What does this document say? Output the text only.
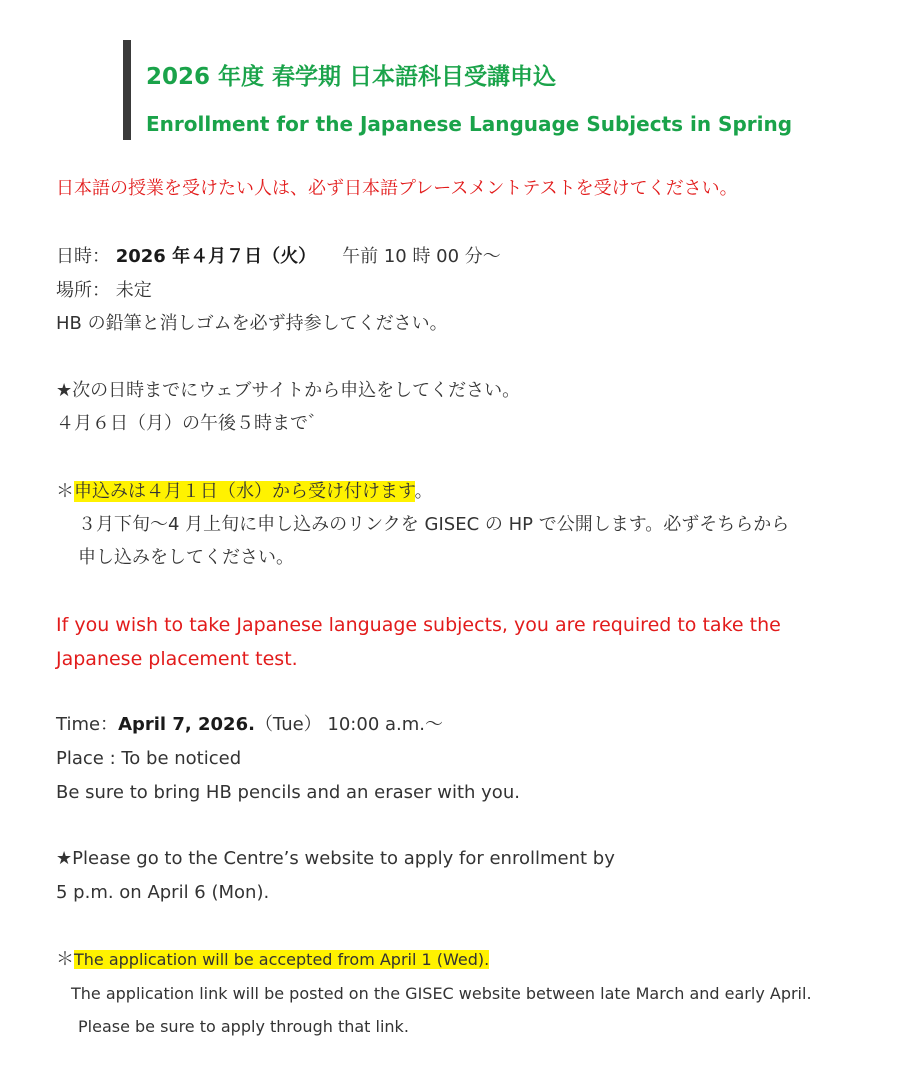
2026 年度 春学期 日本語科目受講申込
Enrollment for the Japanese Language Subjects in Spring

日本語の授業を受けたい人は、必ず日本語プレースメントテストを受けてください。

日時： 2026 年４月７日（火） 午前 10 時 00 分～

場所： 未定

HB の鉛筆と消しゴムを必ず持参してください。

★次の日時までにウェブサイトから申込をしてください。

４月６日（月）の午後５時まで゛

＊申込みは４月１日（水）から受け付けます。

３月下旬～4 月上旬に申し込みのリンクを GISEC の HP で公開します。必ずそちらから

申し込みをしてください。

If you wish to take Japanese language subjects, you are required to take the

Japanese placement test.

Time：April 7, 2026.（Tue） 10:00 a.m.～

Place : To be noticed

Be sure to bring HB pencils and an eraser with you.

★Please go to the Centre’s website to apply for enrollment by

5 p.m. on April 6 (Mon).

＊The application will be accepted from April 1 (Wed).

The application link will be posted on the GISEC website between late March and early April.

Please be sure to apply through that link.
